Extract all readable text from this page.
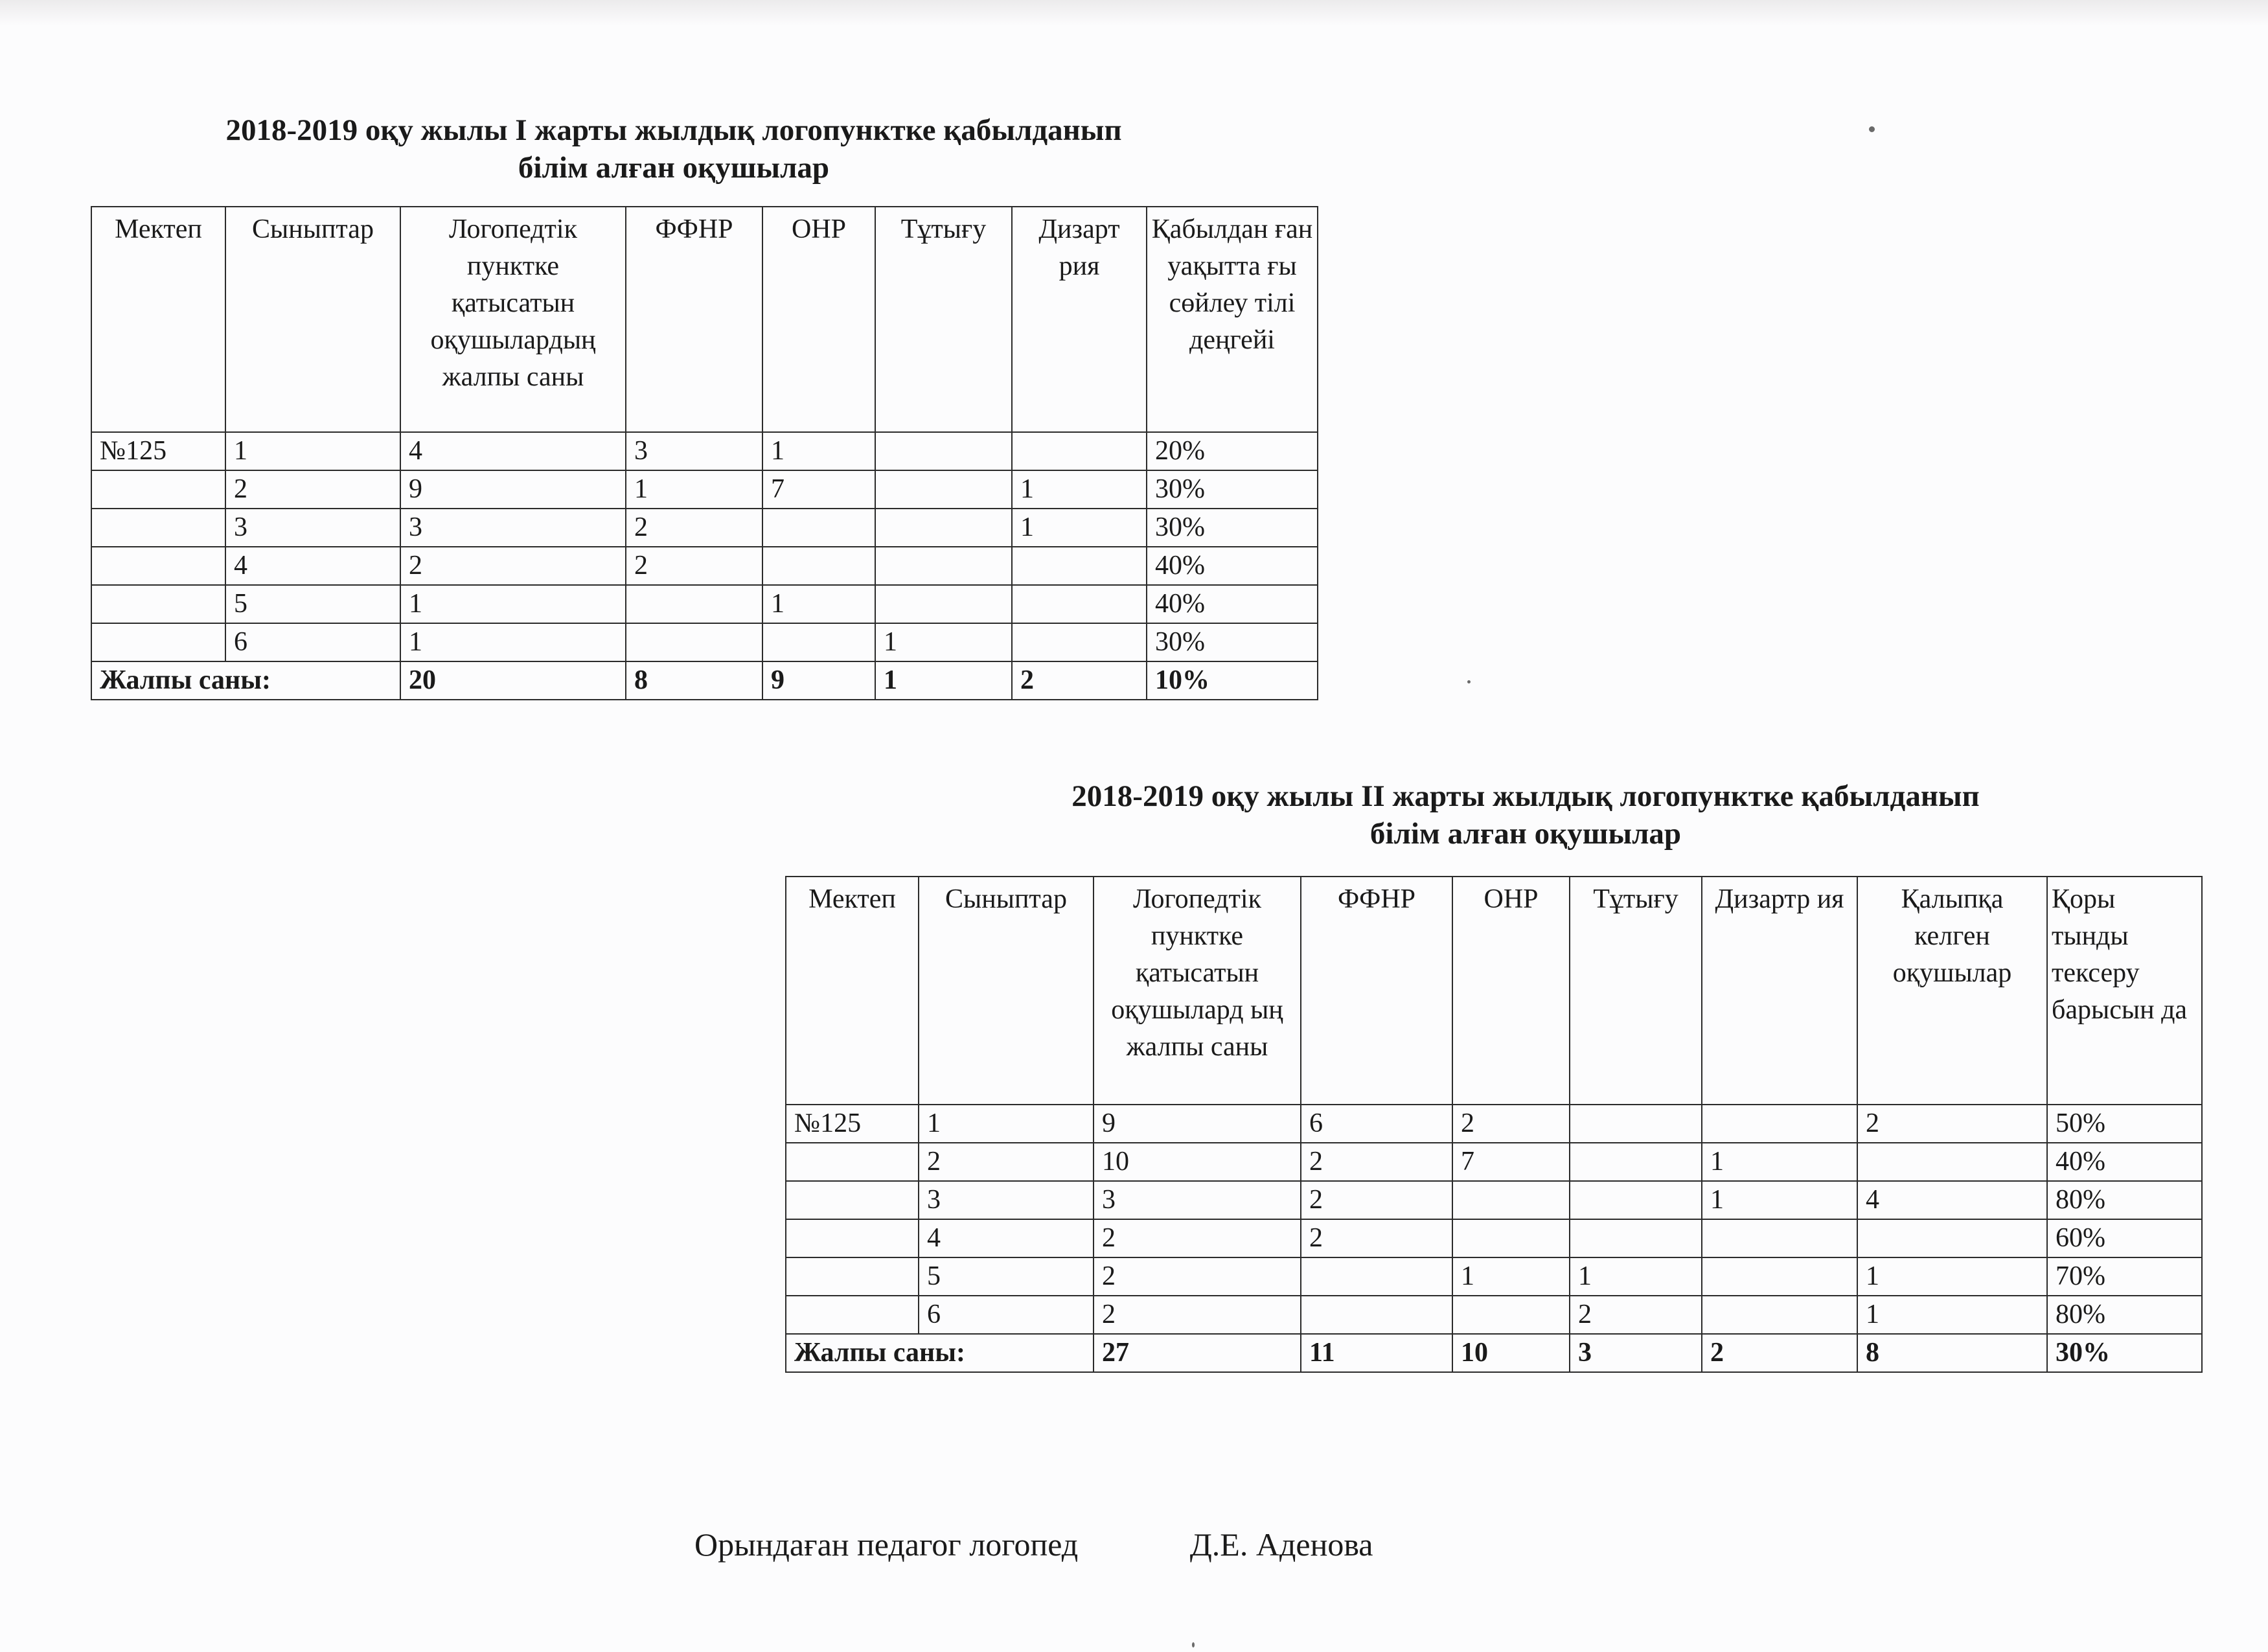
2018-2019 оқу жылы І жарты жылдық логопунктке қабылданып
білім алған оқушылар
Мектеп	Сыныптар	Логопедтік пунктке қатысатын оқушылардың жалпы саны	ФФНР	ОНР	Тұтығу	Дизарт рия	Қабылдан ған уақытта ғы сөйлеу тілі деңгейі
№125	1	4	3	1			20%
	2	9	1	7		1	30%
	3	3	2			1	30%
	4	2	2				40%
	5	1		1			40%
	6	1			1		30%
Жалпы саны:		20	8	9	1	2	10%
2018-2019 оқу жылы ІІ жарты жылдық логопунктке қабылданып
білім алған оқушылар
Мектеп	Сыныптар	Логопедтік пунктке қатысатын оқушылард ың жалпы саны	ФФНР	ОНР	Тұтығу	Дизартр ия	Қалыпқа келген оқушылар	Қоры тынды тексеру барысын да
№125	1	9	6	2			2	50%
	2	10	2	7		1		40%
	3	3	2			1	4	80%
	4	2	2					60%
	5	2		1	1		1	70%
	6	2			2		1	80%
Жалпы саны:		27	11	10	3	2	8	30%
Орындаған педагог логопед	Д.Е. Аденова
